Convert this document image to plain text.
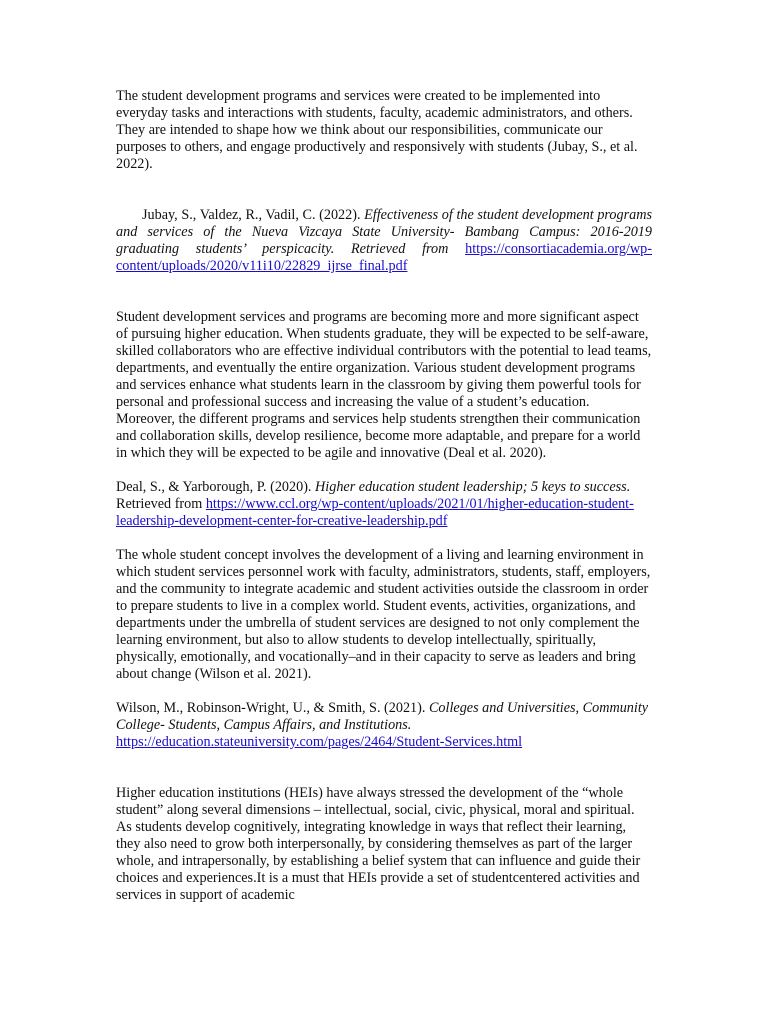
The student development programs and services were created to be implemented into everyday tasks and interactions with students, faculty, academic administrators, and others. They are intended to shape how we think about our responsibilities, communicate our purposes to others, and engage productively and responsively with students (Jubay, S., et al. 2022).

Jubay, S., Valdez, R., Vadil, C. (2022). Effectiveness of the student development programs and services of the Nueva Vizcaya State University- Bambang Campus: 2016-2019 graduating students’ perspicacity. Retrieved from https://consortiacademia.org/wp-content/uploads/2020/v11i10/22829_ijrse_final.pdf

Student development services and programs are becoming more and more significant aspect of pursuing higher education. When students graduate, they will be expected to be self-aware, skilled collaborators who are effective individual contributors with the potential to lead teams, departments, and eventually the entire organization. Various student development programs and services enhance what students learn in the classroom by giving them powerful tools for personal and professional success and increasing the value of a student’s education. Moreover, the different programs and services help students strengthen their communication and collaboration skills, develop resilience, become more adaptable, and prepare for a world in which they will be expected to be agile and innovative (Deal et al. 2020).

Deal, S., & Yarborough, P. (2020). Higher education student leadership; 5 keys to success. Retrieved from https://www.ccl.org/wp-content/uploads/2021/01/higher-education-student-leadership-development-center-for-creative-leadership.pdf

The whole student concept involves the development of a living and learning environment in which student services personnel work with faculty, administrators, students, staff, employers, and the community to integrate academic and student activities outside the classroom in order to prepare students to live in a complex world. Student events, activities, organizations, and departments under the umbrella of student services are designed to not only complement the learning environment, but also to allow students to develop intellectually, spiritually, physically, emotionally, and vocationally–and in their capacity to serve as leaders and bring about change (Wilson et al. 2021).

Wilson, M., Robinson-Wright, U., & Smith, S. (2021). Colleges and Universities, Community College- Students, Campus Affairs, and Institutions.
https://education.stateuniversity.com/pages/2464/Student-Services.html

Higher education institutions (HEIs) have always stressed the development of the “whole student” along several dimensions – intellectual, social, civic, physical, moral and spiritual. As students develop cognitively, integrating knowledge in ways that reflect their learning, they also need to grow both interpersonally, by considering themselves as part of the larger whole, and intrapersonally, by establishing a belief system that can influence and guide their choices and experiences.It is a must that HEIs provide a set of studentcentered activities and services in support of academic
